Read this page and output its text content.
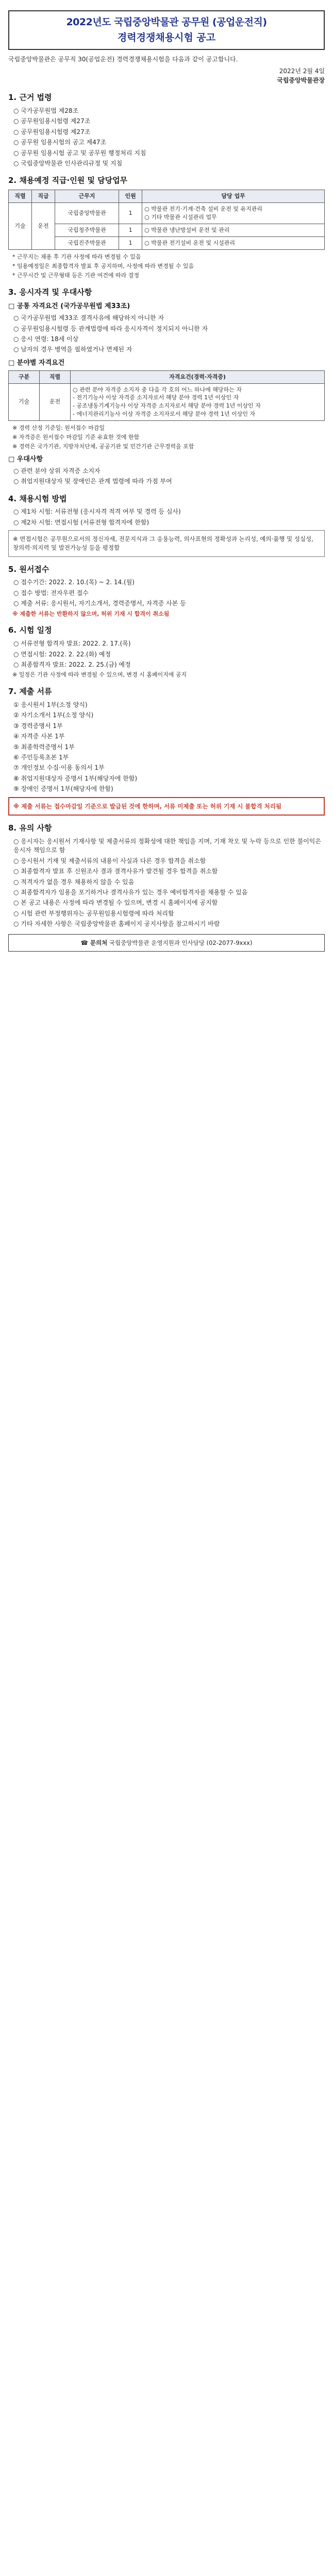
2022년도 국립중앙박물관 공무원 (공업운전직)
경력경쟁채용시험 공고
국립중앙박물관은 공무직 30(공업운전) 경력경쟁채용시험을 다음과 같이 공고합니다.
2022년 2월 4일
국립중앙박물관장
1. 근거 법령
○ 국가공무원법 제28조
○ 공무원임용시험령 제27조
○ 공무원임용시험령 제27조
○ 공무원 임용시험의 공고 제47조
○ 공무원 임용시험 공고 및 공무원 행정처리 지침
○ 국립중앙박물관 인사관리규정 및 지침
2. 채용예정 직급·인원 및 담당업무
직렬	직급	근무지	인원	담당 업무
기술	운전	국립중앙박물관	1	○ 박물관 전기·기계·건축 설비 운전 및 유지관리
○ 기타 박물관 시설관리 업무
		국립청주박물관	1	○ 박물관 냉난방설비 운전 및 관리
		국립진주박물관	1	○ 박물관 전기설비 운전 및 시설관리
* 근무지는 채용 후 기관 사정에 따라 변경될 수 있음
* 임용예정일은 최종합격자 발표 후 공지하며, 사정에 따라 변경될 수 있음
* 근무시간 및 근무형태 등은 기관 여건에 따라 결정
3. 응시자격 및 우대사항
□ 공통 자격요건 (국가공무원법 제33조)
○ 국가공무원법 제33조 결격사유에 해당하지 아니한 자
○ 공무원임용시험령 등 관계법령에 따라 응시자격이 정지되지 아니한 자
○ 응시 연령: 18세 이상
○ 남자의 경우 병역을 필하였거나 면제된 자
□ 분야별 자격요건
구분	직렬	자격요건(경력·자격증)
기술	운전	○ 관련 분야 자격증 소지자 중 다음 각 호의 어느 하나에 해당하는 자
- 전기기능사 이상 자격증 소지자로서 해당 분야 경력 1년 이상인 자
- 공조냉동기계기능사 이상 자격증 소지자로서 해당 분야 경력 1년 이상인 자
- 에너지관리기능사 이상 자격증 소지자로서 해당 분야 경력 1년 이상인 자
※ 경력 산정 기준일: 원서접수 마감일
※ 자격증은 원서접수 마감일 기준 유효한 것에 한함
※ 경력은 국가기관, 지방자치단체, 공공기관 및 민간기관 근무경력을 포함
□ 우대사항
○ 관련 분야 상위 자격증 소지자
○ 취업지원대상자 및 장애인은 관계 법령에 따라 가점 부여
4. 채용시험 방법
○ 제1차 시험: 서류전형 (응시자격 적격 여부 및 경력 등 심사)
○ 제2차 시험: 면접시험 (서류전형 합격자에 한함)
※ 면접시험은 공무원으로서의 정신자세, 전문지식과 그 응용능력, 의사표현의 정확성과 논리성, 예의·품행 및 성실성, 창의력·의지력 및 발전가능성 등을 평정함
5. 원서접수
○ 접수기간: 2022. 2. 10.(목) ~ 2. 14.(월)
○ 접수 방법: 전자우편 접수
○ 제출 서류: 응시원서, 자기소개서, 경력증명서, 자격증 사본 등
※ 제출한 서류는 반환하지 않으며, 허위 기재 시 합격이 취소됨
6. 시험 일정
○ 서류전형 합격자 발표: 2022. 2. 17.(목)
○ 면접시험: 2022. 2. 22.(화) 예정
○ 최종합격자 발표: 2022. 2. 25.(금) 예정
※ 일정은 기관 사정에 따라 변경될 수 있으며, 변경 시 홈페이지에 공지
7. 제출 서류
① 응시원서 1부(소정 양식)
② 자기소개서 1부(소정 양식)
③ 경력증명서 1부
④ 자격증 사본 1부
⑤ 최종학력증명서 1부
⑥ 주민등록초본 1부
⑦ 개인정보 수집·이용 동의서 1부
⑧ 취업지원대상자 증명서 1부(해당자에 한함)
⑨ 장애인 증명서 1부(해당자에 한함)
※ 제출 서류는 접수마감일 기준으로 발급된 것에 한하며, 서류 미제출 또는 허위 기재 시 불합격 처리됨
8. 유의 사항
○ 응시자는 응시원서 기재사항 및 제출서류의 정확성에 대한 책임을 지며, 기재 착오 및 누락 등으로 인한 불이익은 응시자 책임으로 함
○ 응시원서 기재 및 제출서류의 내용이 사실과 다른 경우 합격을 취소함
○ 최종합격자 발표 후 신원조사 결과 결격사유가 발견될 경우 합격을 취소함
○ 적격자가 없을 경우 채용하지 않을 수 있음
○ 최종합격자가 임용을 포기하거나 결격사유가 있는 경우 예비합격자를 채용할 수 있음
○ 본 공고 내용은 사정에 따라 변경될 수 있으며, 변경 시 홈페이지에 공지함
○ 시험 관련 부정행위자는 공무원임용시험령에 따라 처리함
○ 기타 자세한 사항은 국립중앙박물관 홈페이지 공지사항을 참고하시기 바람
☎ 문의처 국립중앙박물관 운영지원과 인사담당 (02-2077-9xxx)
